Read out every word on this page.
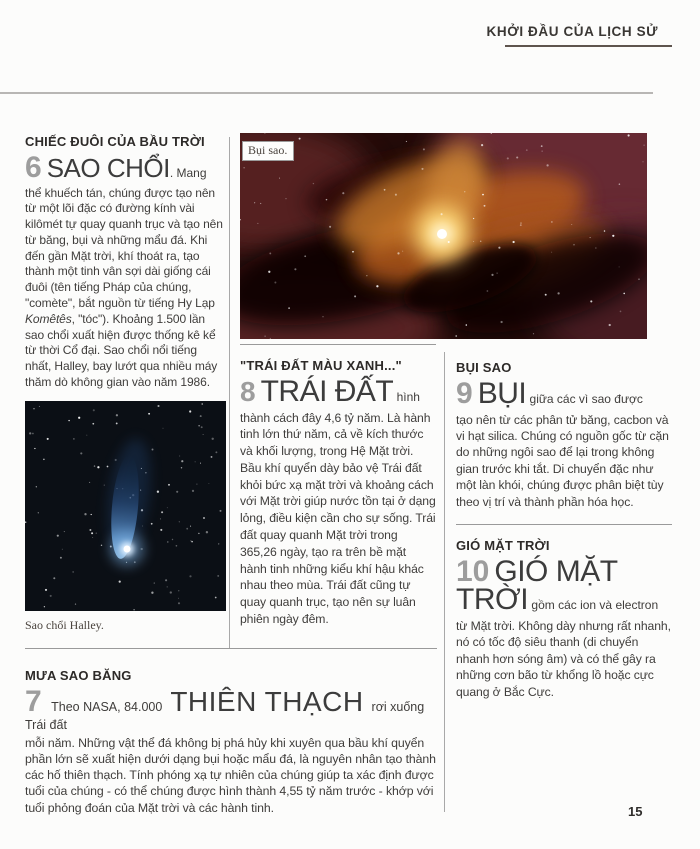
KHỞI ĐẦU CỦA LỊCH SỬ
Bụi sao.

CHIẾC ĐUÔI CỦA BẦU TRỜI

6 SAO CHỔI. Mang

thể khuếch tán, chúng được tạo nên từ một lõi đặc có đường kính vài kilômét tự quay quanh trục và tạo nên từ băng, bụi và những mẩu đá. Khi đến gần Mặt trời, khí thoát ra, tạo thành một tinh vân sợi dài giống cái đuôi (tên tiếng Pháp của chúng, "comète", bắt nguồn từ tiếng Hy Lạp Komêtês, "tóc"). Khoảng 1.500 lần sao chổi xuất hiện được thống kê kể từ thời Cổ đại. Sao chổi nổi tiếng nhất, Halley, bay lướt qua nhiều máy thăm dò không gian vào năm 1986.

Sao chổi Halley.

"TRÁI ĐẤT MÀU XANH..."

8 TRÁI ĐẤT hình

thành cách đây 4,6 tỷ năm. Là hành tinh lớn thứ năm, cả về kích thước và khối lượng, trong Hệ Mặt trời. Bầu khí quyển dày bảo vệ Trái đất khỏi bức xạ mặt trời và khoảng cách với Mặt trời giúp nước tồn tại ở dạng lỏng, điều kiện cần cho sự sống. Trái đất quay quanh Mặt trời trong 365,26 ngày, tạo ra trên bề mặt hành tinh những kiểu khí hậu khác nhau theo mùa. Trái đất cũng tự quay quanh trục, tạo nên sự luân phiên ngày đêm.

BỤI SAO

9 BỤI giữa các vì sao được

tạo nên từ các phân tử băng, cacbon và vi hạt silica. Chúng có nguồn gốc từ cặn do những ngôi sao để lại trong không gian trước khi tắt. Di chuyển đặc như một làn khói, chúng được phân biệt tùy theo vị trí và thành phần hóa học.

GIÓ MẶT TRỜI

10 GIÓ MẶT TRỜI gồm các ion và electron

từ Mặt trời. Không dày nhưng rất nhanh, nó có tốc độ siêu thanh (di chuyển nhanh hơn sóng âm) và có thể gây ra những cơn bão từ khổng lồ hoặc cực quang ở Bắc Cực.

MƯA SAO BĂNG

7 Theo NASA, 84.000 THIÊN THẠCH rơi xuống Trái đất

mỗi năm. Những vật thể đá không bị phá hủy khi xuyên qua bầu khí quyển phần lớn sẽ xuất hiện dưới dạng bụi hoặc mẩu đá, là nguyên nhân tạo thành các hố thiên thạch. Tính phóng xạ tự nhiên của chúng giúp ta xác định được tuổi của chúng - có thể chúng được hình thành 4,55 tỷ năm trước - khớp với tuổi phỏng đoán của Mặt trời và các hành tinh.	15
